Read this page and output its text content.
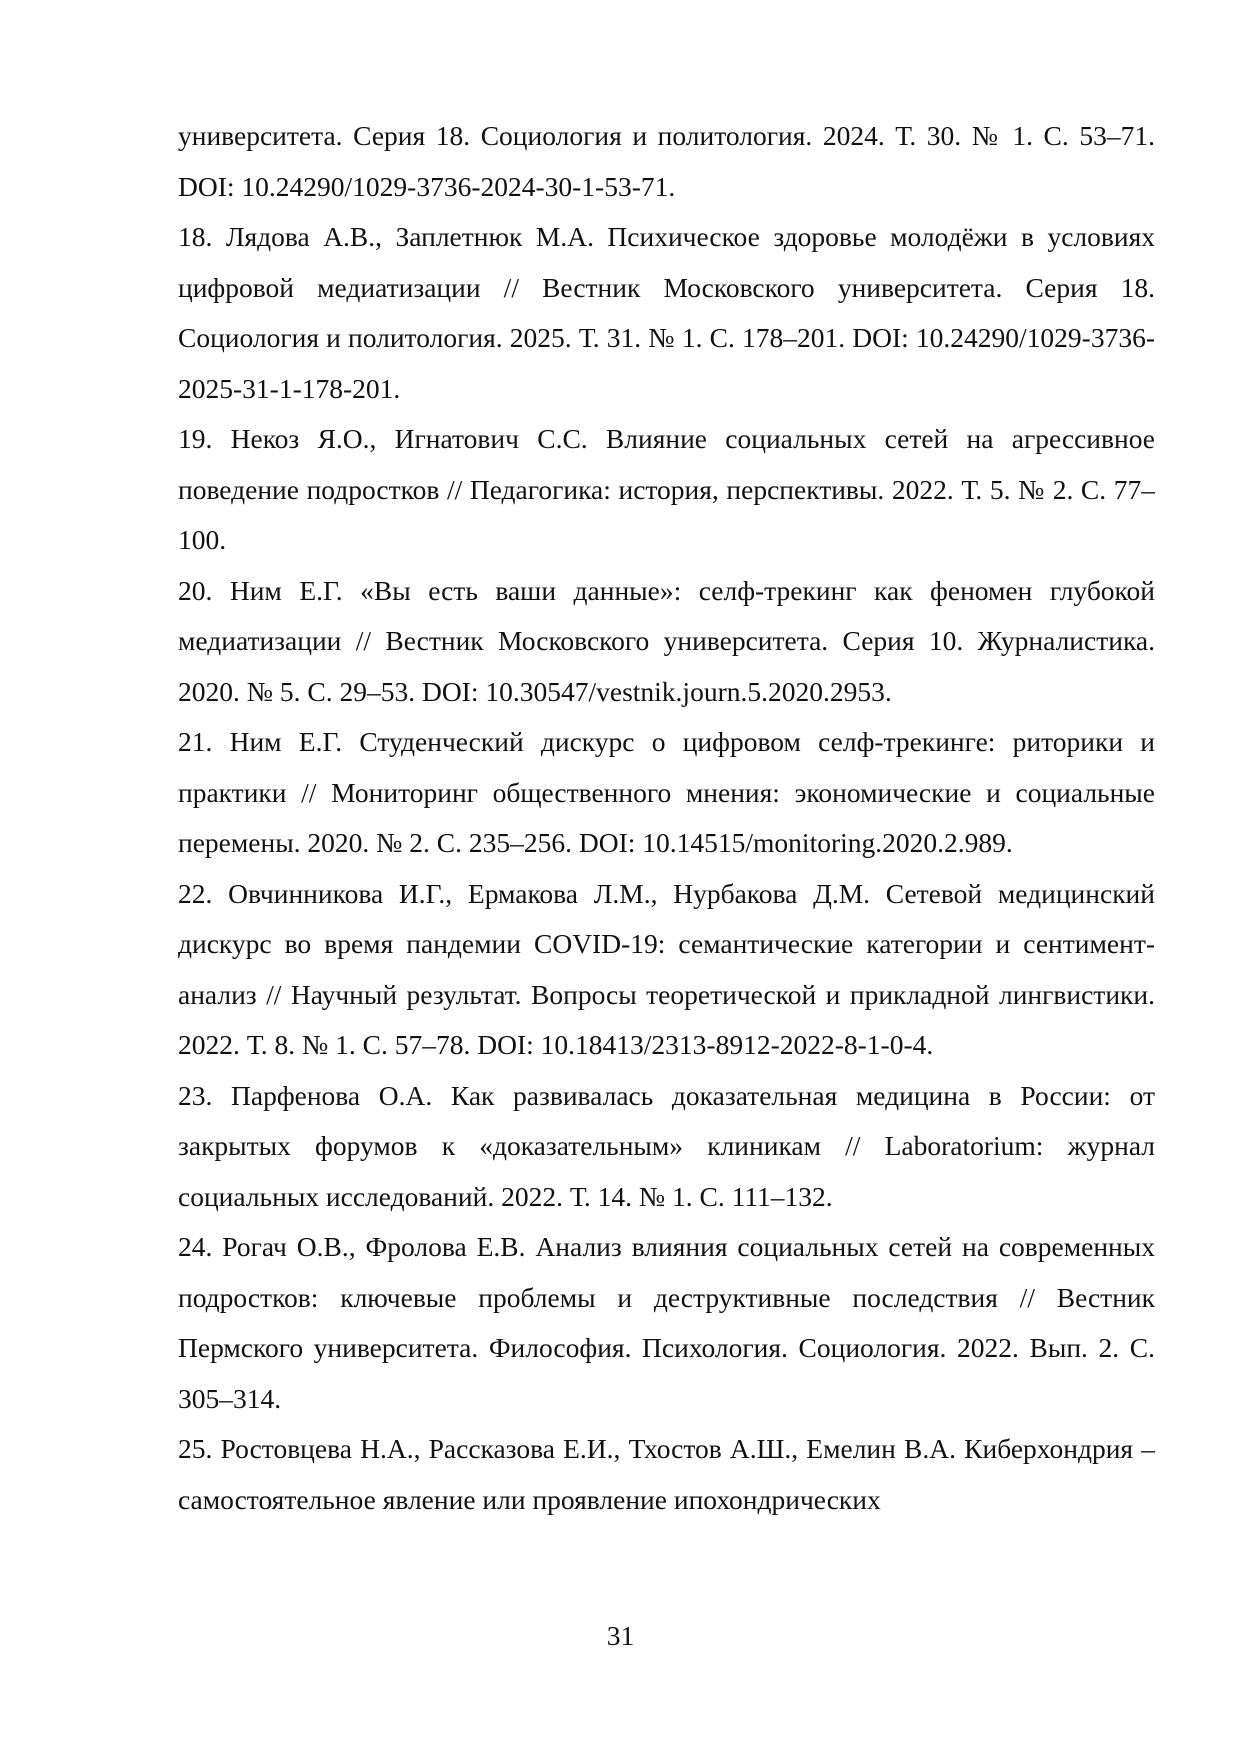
университета. Серия 18. Социология и политология. 2024. Т. 30. № 1. С. 53–71. DOI: 10.24290/1029-3736-2024-30-1-53-71.

18. Лядова А.В., Заплетнюк М.А. Психическое здоровье молодёжи в условиях цифровой медиатизации // Вестник Московского университета. Серия 18. Социология и политология. 2025. Т. 31. № 1. С. 178–201. DOI: 10.24290/1029-3736-2025-31-1-178-201.

19. Некоз Я.О., Игнатович С.С. Влияние социальных сетей на агрессивное поведение подростков // Педагогика: история, перспективы. 2022. Т. 5. № 2. С. 77–100.

20. Ним Е.Г. «Вы есть ваши данные»: селф-трекинг как феномен глубокой медиатизации // Вестник Московского университета. Серия 10. Журналистика. 2020. № 5. С. 29–53. DOI: 10.30547/vestnik.journ.5.2020.2953.

21. Ним Е.Г. Студенческий дискурс о цифровом селф-трекинге: риторики и практики // Мониторинг общественного мнения: экономические и социальные перемены. 2020. № 2. С. 235–256. DOI: 10.14515/monitoring.2020.2.989.

22. Овчинникова И.Г., Ермакова Л.М., Нурбакова Д.М. Сетевой медицинский дискурс во время пандемии COVID-19: семантические категории и сентимент-анализ // Научный результат. Вопросы теоретической и прикладной лингвистики. 2022. Т. 8. № 1. С. 57–78. DOI: 10.18413/2313-8912-2022-8-1-0-4.

23. Парфенова О.А. Как развивалась доказательная медицина в России: от закрытых форумов к «доказательным» клиникам // Laboratorium: журнал социальных исследований. 2022. Т. 14. № 1. С. 111–132.

24. Рогач О.В., Фролова Е.В. Анализ влияния социальных сетей на современных подростков: ключевые проблемы и деструктивные последствия // Вестник Пермского университета. Философия. Психология. Социология. 2022. Вып. 2. С. 305–314.

25. Ростовцева Н.А., Рассказова Е.И., Тхостов А.Ш., Емелин В.А. Киберхондрия – самостоятельное явление или проявление ипохондрических

31
